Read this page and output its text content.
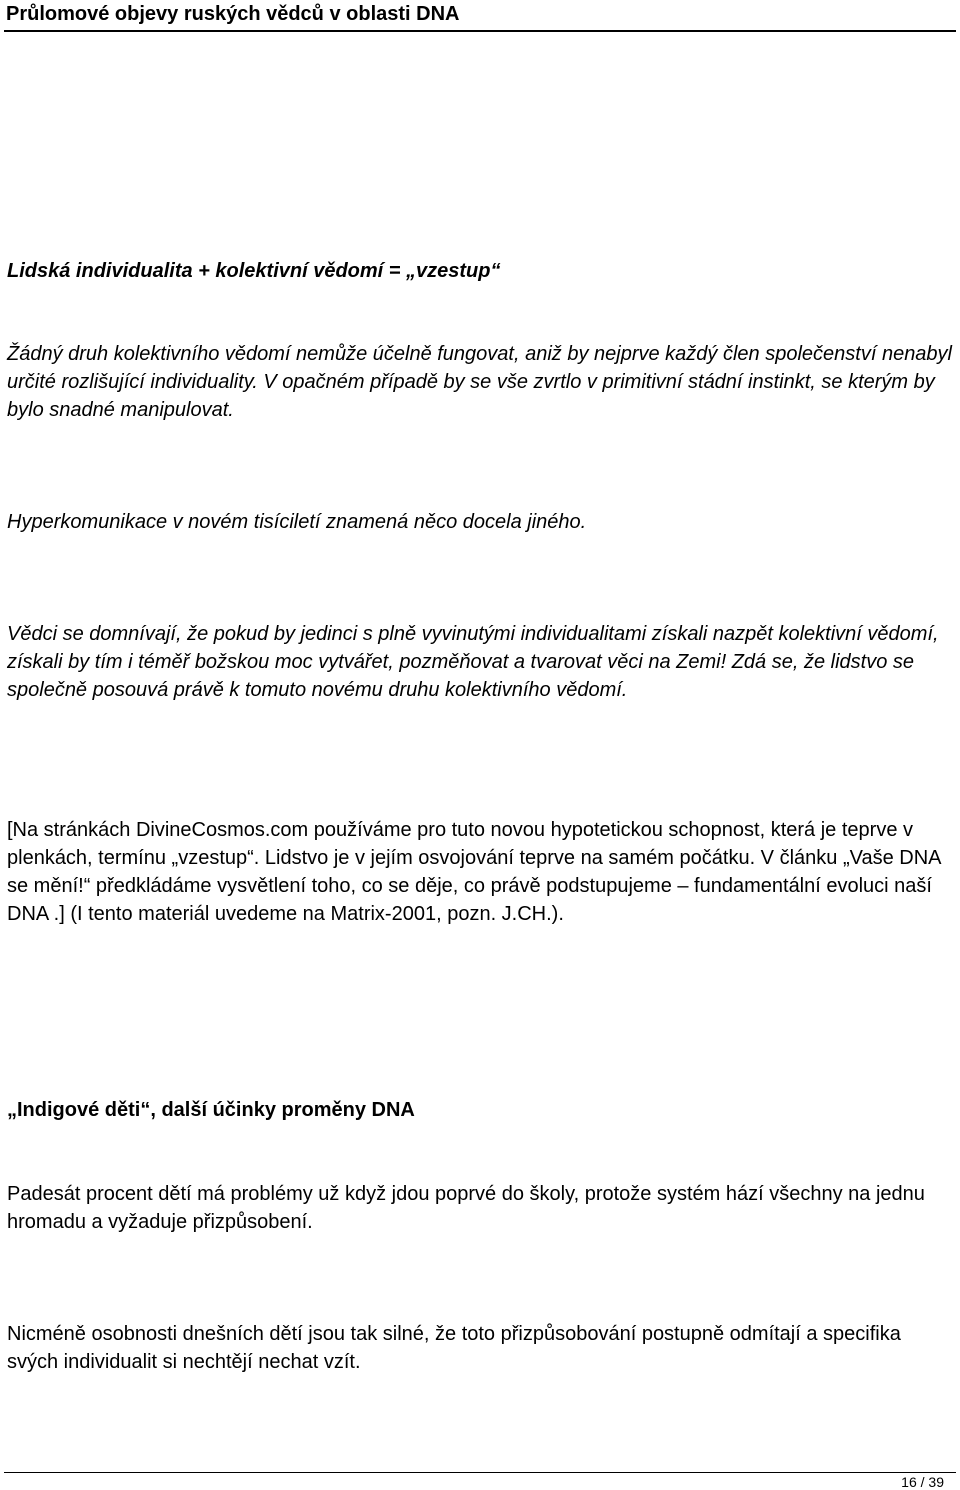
Průlomové objevy ruských vědců v oblasti DNA

Lidská individualita + kolektivní vědomí = „vzestup“

Žádný druh kolektivního vědomí nemůže účelně fungovat, aniž by nejprve každý člen společenství nenabyl určité rozlišující individuality. V opačném případě by se vše zvrtlo v primitivní stádní instinkt, se kterým by bylo snadné manipulovat.

Hyperkomunikace v novém tisíciletí znamená něco docela jiného.

Vědci se domnívají, že pokud by jedinci s plně vyvinutými individualitami získali nazpět kolektivní vědomí, získali by tím i téměř božskou moc vytvářet, pozměňovat a tvarovat věci na Zemi! Zdá se, že lidstvo se společně posouvá právě k tomuto novému druhu kolektivního vědomí.

[Na stránkách DivineCosmos.com používáme pro tuto novou hypotetickou schopnost, která je teprve v plenkách, termínu „vzestup“. Lidstvo je v jejím osvojování teprve na samém počátku. V článku „Vaše DNA se mění!“ předkládáme vysvětlení toho, co se děje, co právě podstupujeme – fundamentální evoluci naší DNA .] (I tento materiál uvedeme na Matrix-2001, pozn. J.CH.).

„Indigové děti“, další účinky proměny DNA

Padesát procent dětí má problémy už když jdou poprvé do školy, protože systém hází všechny na jednu hromadu a vyžaduje přizpůsobení.

Nicméně osobnosti dnešních dětí jsou tak silné, že toto přizpůsobování postupně odmítají a specifika svých individualit si nechtějí nechat vzít.

16 / 39
